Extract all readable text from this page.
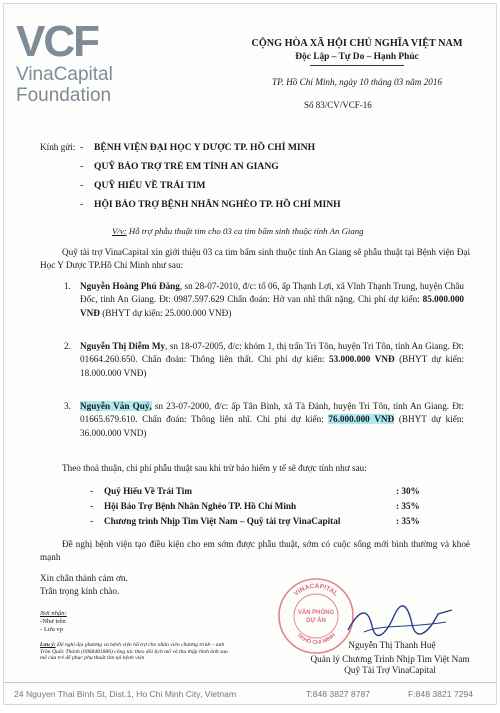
VCF
VinaCapital
Foundation
CỘNG HÒA XÃ HỘI CHỦ NGHĨA VIỆT NAM
Độc Lập – Tự Do – Hạnh Phúc
TP. Hồ Chí Minh, ngày 10 tháng 03 năm 2016
Số 83/CV/VCF-16
Kính gửi: - BỆNH VIỆN ĐẠI HỌC Y DƯỢC TP. HỒ CHÍ MINH
- QUỸ BẢO TRỢ TRẺ EM TỈNH AN GIANG
- QUỸ HIẾU VỀ TRÁI TIM
- HỘI BẢO TRỢ BỆNH NHÂN NGHÈO TP. HỒ CHÍ MINH
V/v: Hỗ trợ phẫu thuật tim cho 03 ca tim bẩm sinh thuộc tỉnh An Giang
Quỹ tài trợ VinaCapital xin giới thiệu 03 ca tim bẩm sinh thuộc tỉnh An Giang sẽ phẫu thuật tại Bệnh viện Đại Học Y Dược TP.Hồ Chí Minh như sau:
1. Nguyễn Hoàng Phú Đăng, sn 28-07-2010, đ/c: tổ 06, ấp Thạnh Lợi, xã Vĩnh Thạnh Trung, huyện Châu Đốc, tỉnh An Giang. Đt: 0987.597.629 Chẩn đoán: Hở van nhĩ thất nặng. Chi phí dự kiến: 85.000.000 VNĐ (BHYT dự kiến: 25.000.000 VNĐ)
2. Nguyễn Thị Diễm My, sn 18-07-2005, đ/c: khóm 1, thị trấn Tri Tôn, huyện Tri Tôn, tỉnh An Giang. Đt: 01664.260.650. Chẩn đoán: Thông liên thất. Chi phí dự kiến: 53.000.000 VNĐ (BHYT dự kiến: 18.000.000 VNĐ)
3. Nguyễn Văn Quý, sn 23-07-2000, đ/c: ấp Tân Bình, xã Tà Đảnh, huyện Tri Tôn, tỉnh An Giang. Đt: 01665.679.610. Chẩn đoán: Thông liên nhĩ. Chi phí dự kiến: 76.000.000 VNĐ (BHYT dự kiến: 36.000.000 VND)
Theo thoả thuận, chi phí phẫu thuật sau khi trừ bảo hiểm y tế sẽ được tính như sau:
- Quỹ Hiếu Về Trái Tim	: 30%
- Hội Bảo Trợ Bệnh Nhân Nghèo TP. Hồ Chí Minh	: 35%
- Chương trình Nhịp Tim Việt Nam – Quỹ tài trợ VinaCapital	: 35%
Đề nghị bệnh viện tạo điều kiện cho em sớm được phẫu thuật, sớm có cuộc sống mới bình thường và khoẻ mạnh
Xin chân thành cảm ơn.
Trân trọng kính chào.
Nơi nhận:
-Như trên
- Lưu vp
Lưu ý: Đề nghị địa phương và bệnh viện hỗ trợ cho nhân viên chương trình – anh Trần Quốc Thành (0968481886) công tác theo dõi lịch mổ và thu thập hình ảnh sau mổ của trẻ để phục phụ thuật tim tại bệnh viện
VINACAPITAL
TP.HỒ CHÍ MINH
VĂN PHÒNG
DỰ ÁN
Nguyễn Thị Thanh Huệ
Quản lý Chương Trình Nhịp Tim Việt Nam
Quỹ Tài Trợ VinaCapital
24 Nguyen Thai Binh St, Dist.1, Ho Chi Minh City, Vietnam	T:848 3827 8787	F:848 3821 7294
